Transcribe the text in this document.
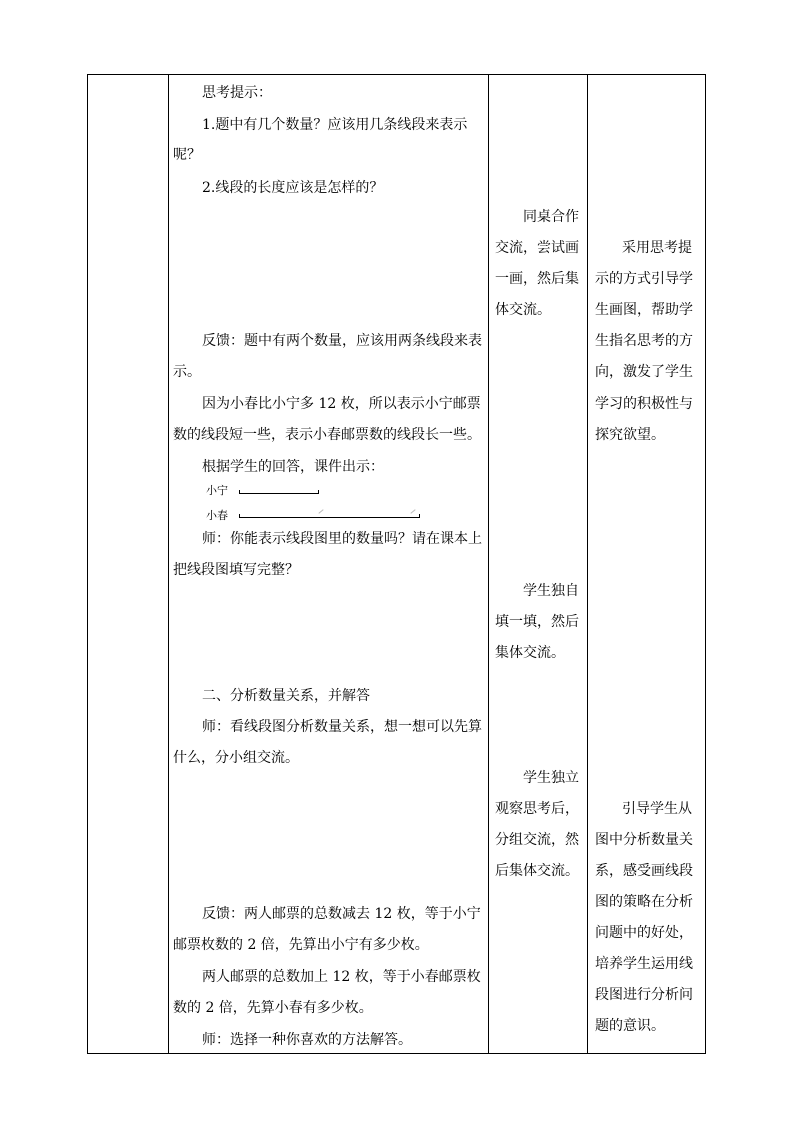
思考提示：
1.题中有几个数量？应该用几条线段来表示
呢？
2.线段的长度应该是怎样的？
反馈：题中有两个数量，应该用两条线段来表
示。
因为小春比小宁多 12 枚，所以表示小宁邮票
数的线段短一些，表示小春邮票数的线段长一些。
根据学生的回答，课件出示：
小宁
小春
师：你能表示线段图里的数量吗？请在课本上
把线段图填写完整？
二、分析数量关系，并解答
师：看线段图分析数量关系，想一想可以先算
什么，分小组交流。
反馈：两人邮票的总数减去 12 枚，等于小宁
邮票枚数的 2 倍，先算出小宁有多少枚。
两人邮票的总数加上 12 枚，等于小春邮票枚
数的 2 倍，先算小春有多少枚。
师：选择一种你喜欢的方法解答。
同桌合作
交流，尝试画
一画，然后集
体交流。
学生独自
填一填，然后
集体交流。
学生独立
观察思考后，
分组交流，然
后集体交流。
采用思考提
示的方式引导学
生画图，帮助学
生指名思考的方
向，激发了学生
学习的积极性与
探究欲望。
引导学生从
图中分析数量关
系，感受画线段
图的策略在分析
问题中的好处，
培养学生运用线
段图进行分析问
题的意识。
